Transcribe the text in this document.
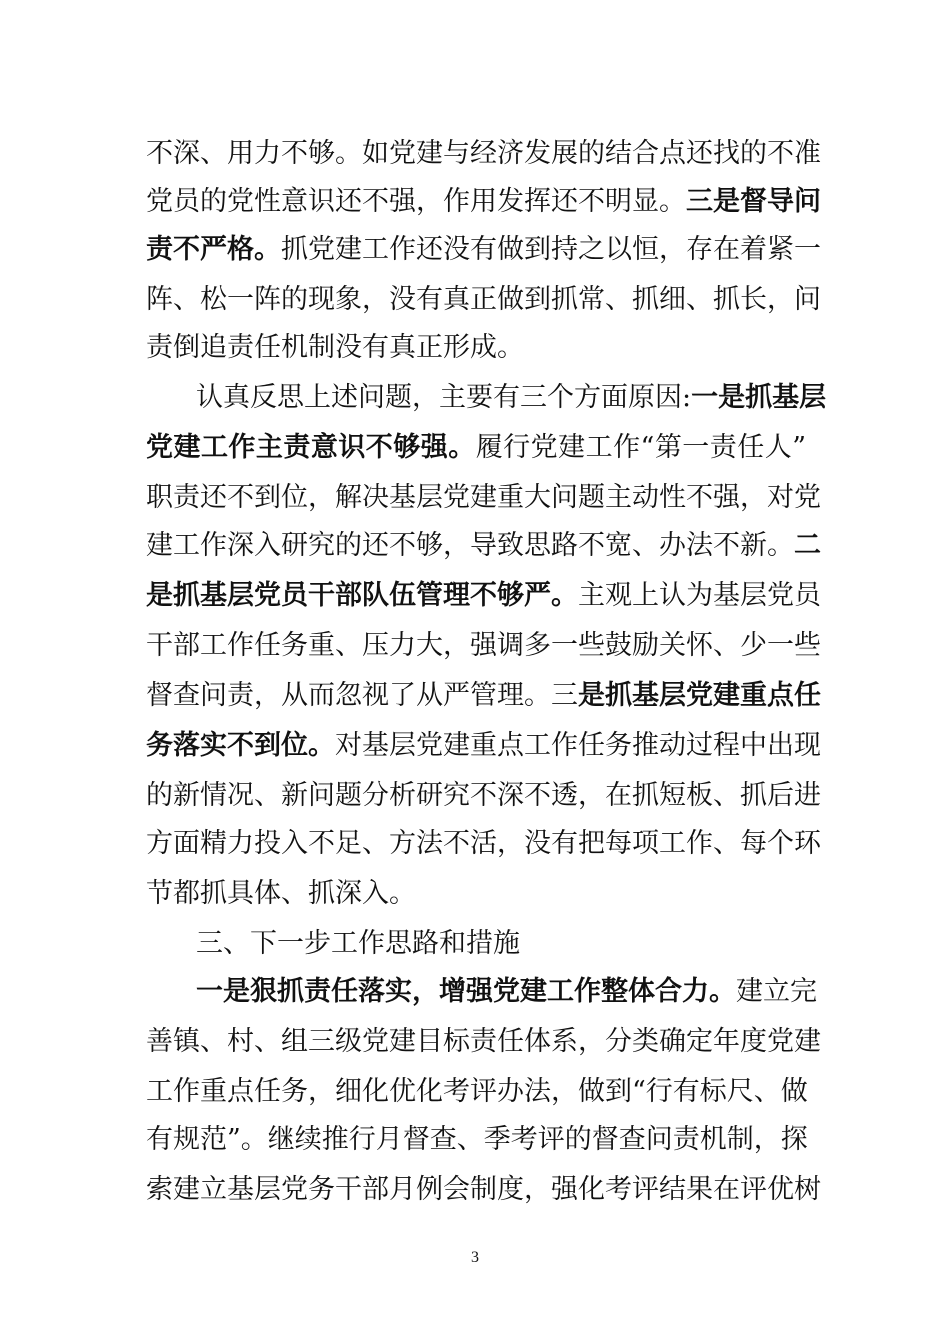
不深、用力不够。如党建与经济发展的结合点还找的不准
党员的党性意识还不强，作用发挥还不明显。三是督导问
责不严格。抓党建工作还没有做到持之以恒，存在着紧一
阵、松一阵的现象，没有真正做到抓常、抓细、抓长，问
责倒追责任机制没有真正形成。
认真反思上述问题，主要有三个方面原因:一是抓基层
党建工作主责意识不够强。履行党建工作“第一责任人”
职责还不到位，解决基层党建重大问题主动性不强，对党
建工作深入研究的还不够，导致思路不宽、办法不新。二
是抓基层党员干部队伍管理不够严。主观上认为基层党员
干部工作任务重、压力大，强调多一些鼓励关怀、少一些
督查问责，从而忽视了从严管理。三是抓基层党建重点任
务落实不到位。对基层党建重点工作任务推动过程中出现
的新情况、新问题分析研究不深不透，在抓短板、抓后进
方面精力投入不足、方法不活，没有把每项工作、每个环
节都抓具体、抓深入。
三、下一步工作思路和措施
一是狠抓责任落实，增强党建工作整体合力。建立完
善镇、村、组三级党建目标责任体系，分类确定年度党建
工作重点任务，细化优化考评办法，做到“行有标尺、做
有规范”。继续推行月督查、季考评的督查问责机制，探
索建立基层党务干部月例会制度，强化考评结果在评优树
3
